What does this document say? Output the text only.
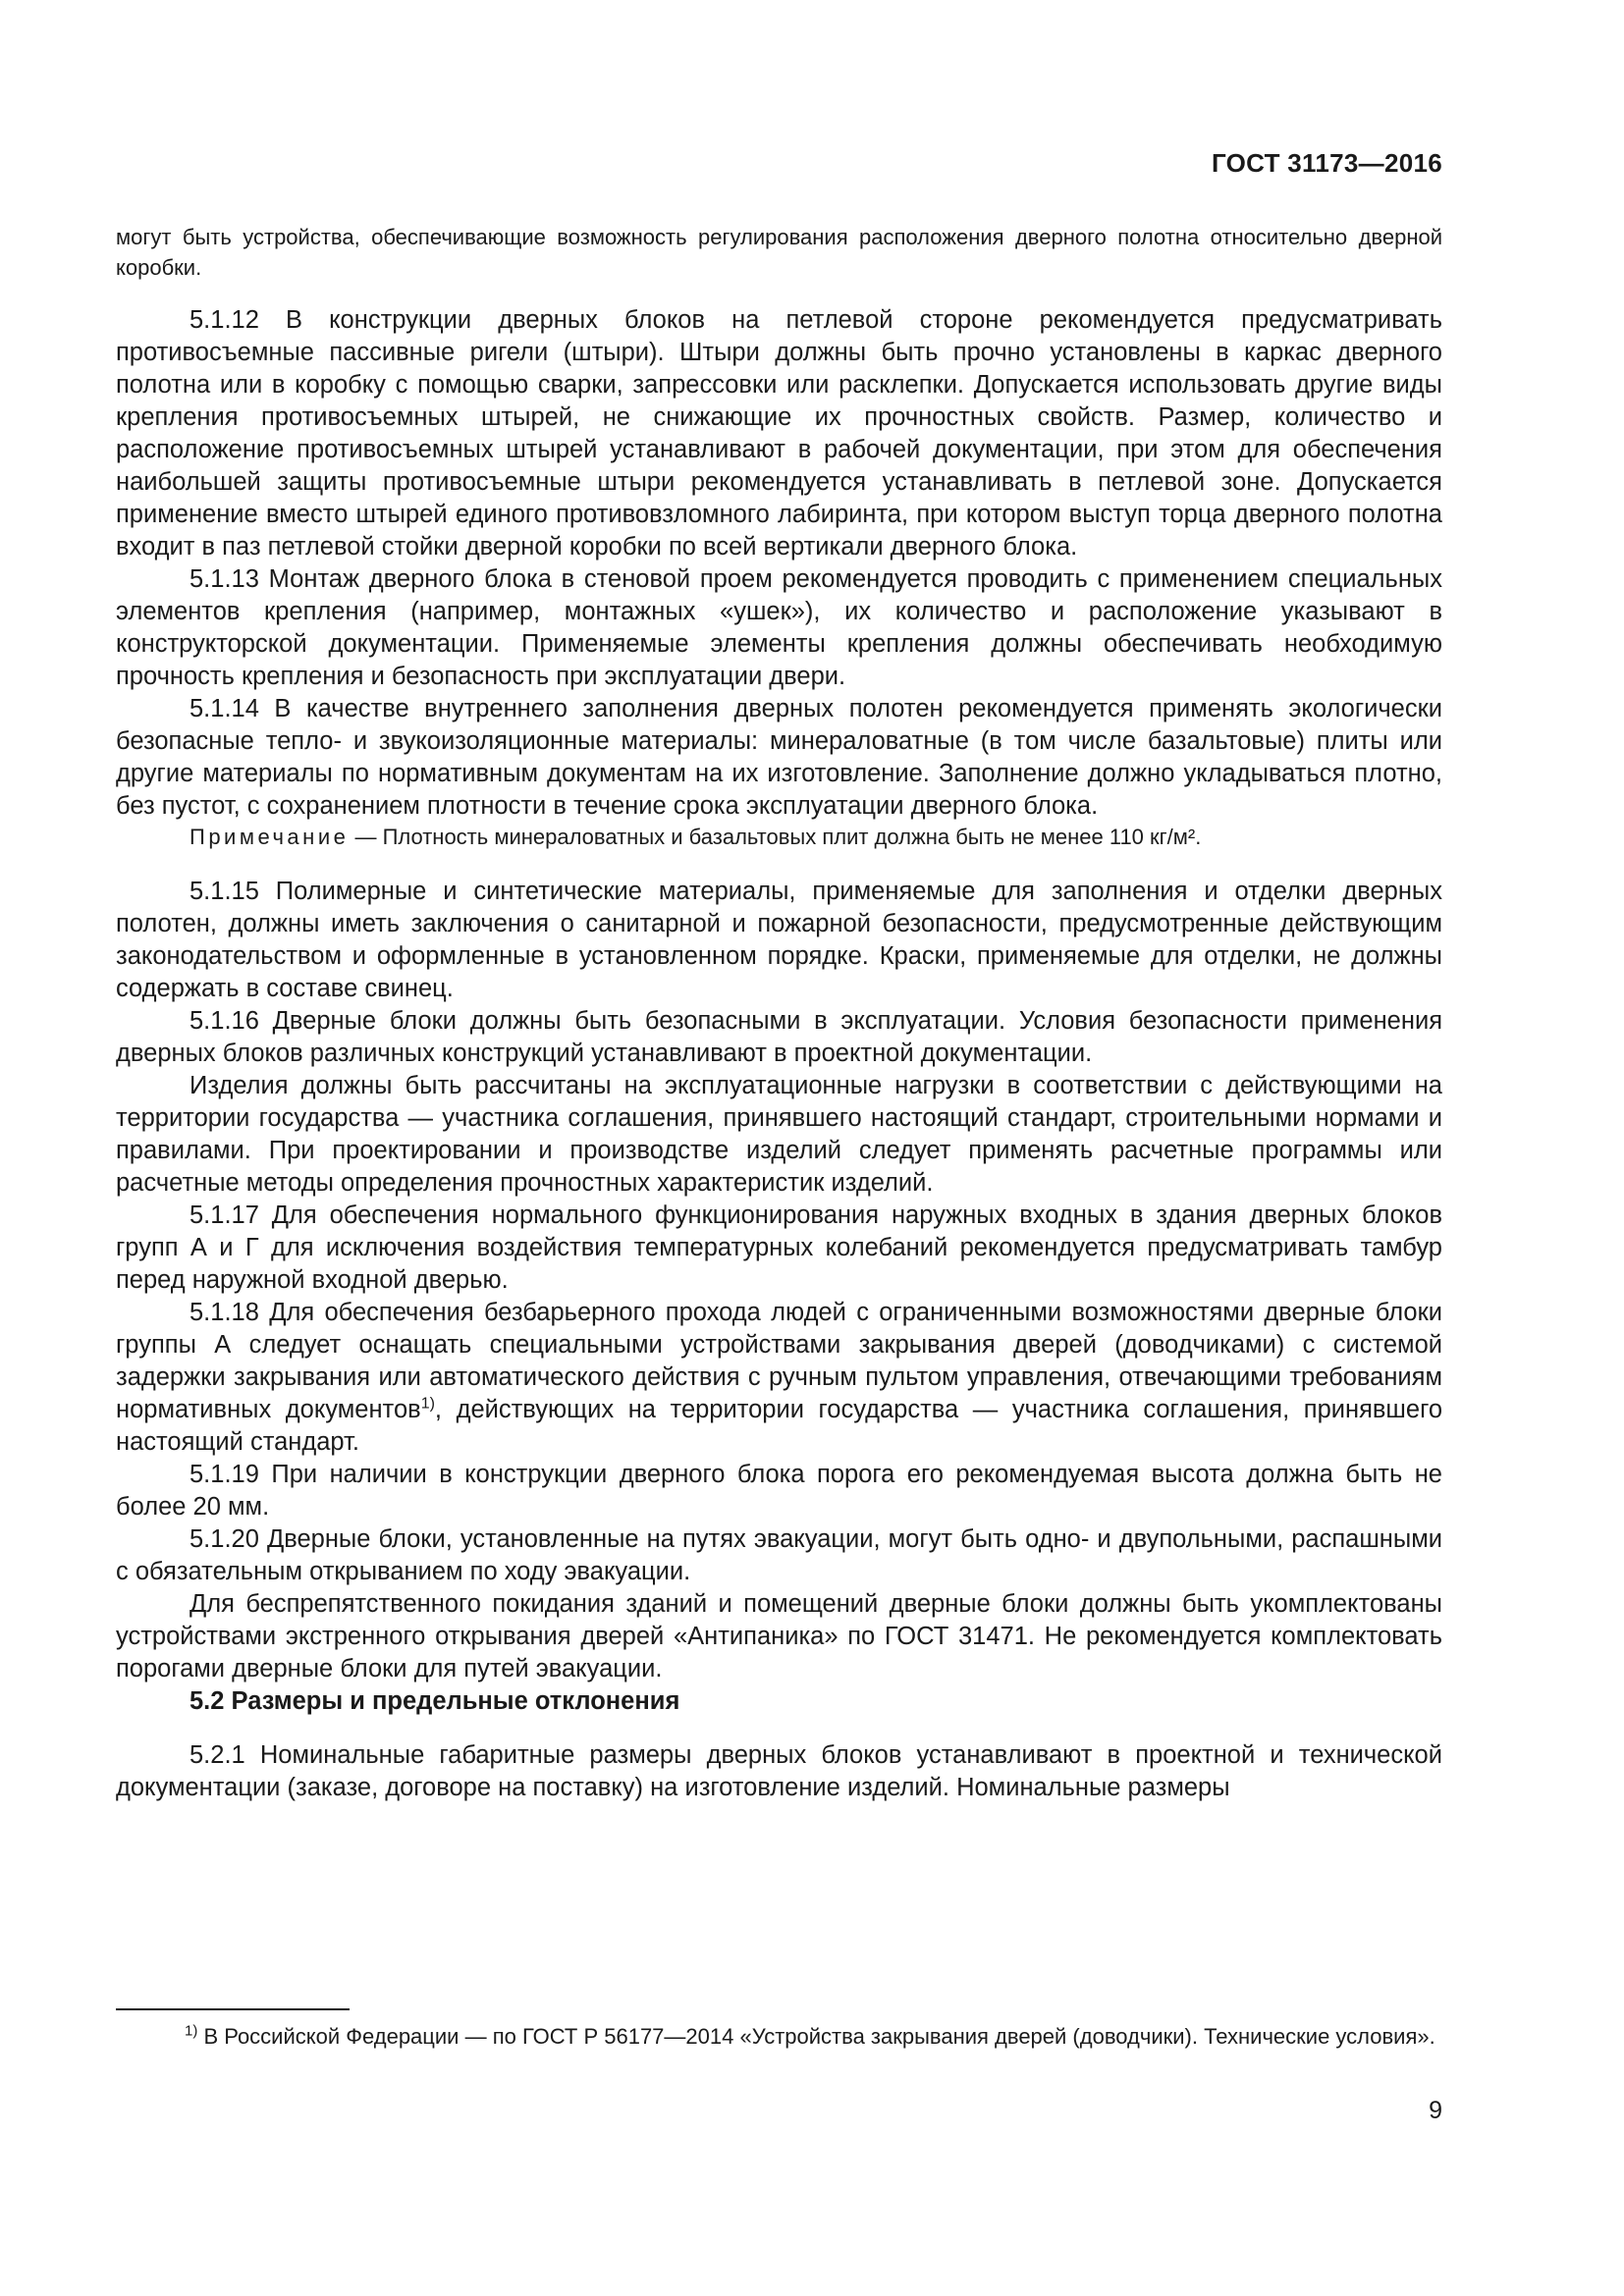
ГОСТ 31173—2016

могут быть устройства, обеспечивающие возможность регулирования расположения дверного полотна относительно дверной коробки.

5.1.12 В конструкции дверных блоков на петлевой стороне рекомендуется предусматривать противосъемные пассивные ригели (штыри). Штыри должны быть прочно установлены в каркас дверного полотна или в коробку с помощью сварки, запрессовки или расклепки. Допускается использовать другие виды крепления противосъемных штырей, не снижающие их прочностных свойств. Размер, количество и расположение противосъемных штырей устанавливают в рабочей документации, при этом для обеспечения наибольшей защиты противосъемные штыри рекомендуется устанавливать в петлевой зоне. Допускается применение вместо штырей единого противовзломного лабиринта, при котором выступ торца дверного полотна входит в паз петлевой стойки дверной коробки по всей вертикали дверного блока.

5.1.13 Монтаж дверного блока в стеновой проем рекомендуется проводить с применением специальных элементов крепления (например, монтажных «ушек»), их количество и расположение указывают в конструкторской документации. Применяемые элементы крепления должны обеспечивать необходимую прочность крепления и безопасность при эксплуатации двери.

5.1.14 В качестве внутреннего заполнения дверных полотен рекомендуется применять экологически безопасные тепло- и звукоизоляционные материалы: минераловатные (в том числе базальтовые) плиты или другие материалы по нормативным документам на их изготовление. Заполнение должно укладываться плотно, без пустот, с сохранением плотности в течение срока эксплуатации дверного блока.

Примечание — Плотность минераловатных и базальтовых плит должна быть не менее 110 кг/м².

5.1.15 Полимерные и синтетические материалы, применяемые для заполнения и отделки дверных полотен, должны иметь заключения о санитарной и пожарной безопасности, предусмотренные действующим законодательством и оформленные в установленном порядке. Краски, применяемые для отделки, не должны содержать в составе свинец.

5.1.16 Дверные блоки должны быть безопасными в эксплуатации. Условия безопасности применения дверных блоков различных конструкций устанавливают в проектной документации.

Изделия должны быть рассчитаны на эксплуатационные нагрузки в соответствии с действующими на территории государства — участника соглашения, принявшего настоящий стандарт, строительными нормами и правилами. При проектировании и производстве изделий следует применять расчетные программы или расчетные методы определения прочностных характеристик изделий.

5.1.17 Для обеспечения нормального функционирования наружных входных в здания дверных блоков групп А и Г для исключения воздействия температурных колебаний рекомендуется предусматривать тамбур перед наружной входной дверью.

5.1.18 Для обеспечения безбарьерного прохода людей с ограниченными возможностями дверные блоки группы А следует оснащать специальными устройствами закрывания дверей (доводчиками) с системой задержки закрывания или автоматического действия с ручным пультом управления, отвечающими требованиям нормативных документов$^{1)}$, действующих на территории государства — участника соглашения, принявшего настоящий стандарт.

5.1.19 При наличии в конструкции дверного блока порога его рекомендуемая высота должна быть не более 20 мм.

5.1.20 Дверные блоки, установленные на путях эвакуации, могут быть одно- и двупольными, распашными с обязательным открыванием по ходу эвакуации.

Для беспрепятственного покидания зданий и помещений дверные блоки должны быть укомплектованы устройствами экстренного открывания дверей «Антипаника» по ГОСТ 31471. Не рекомендуется комплектовать порогами дверные блоки для путей эвакуации.

5.2 Размеры и предельные отклонения

5.2.1 Номинальные габаритные размеры дверных блоков устанавливают в проектной и технической документации (заказе, договоре на поставку) на изготовление изделий. Номинальные размеры

$^{1)}$ В Российской Федерации — по ГОСТ Р 56177—2014 «Устройства закрывания дверей (доводчики). Технические условия».

9
